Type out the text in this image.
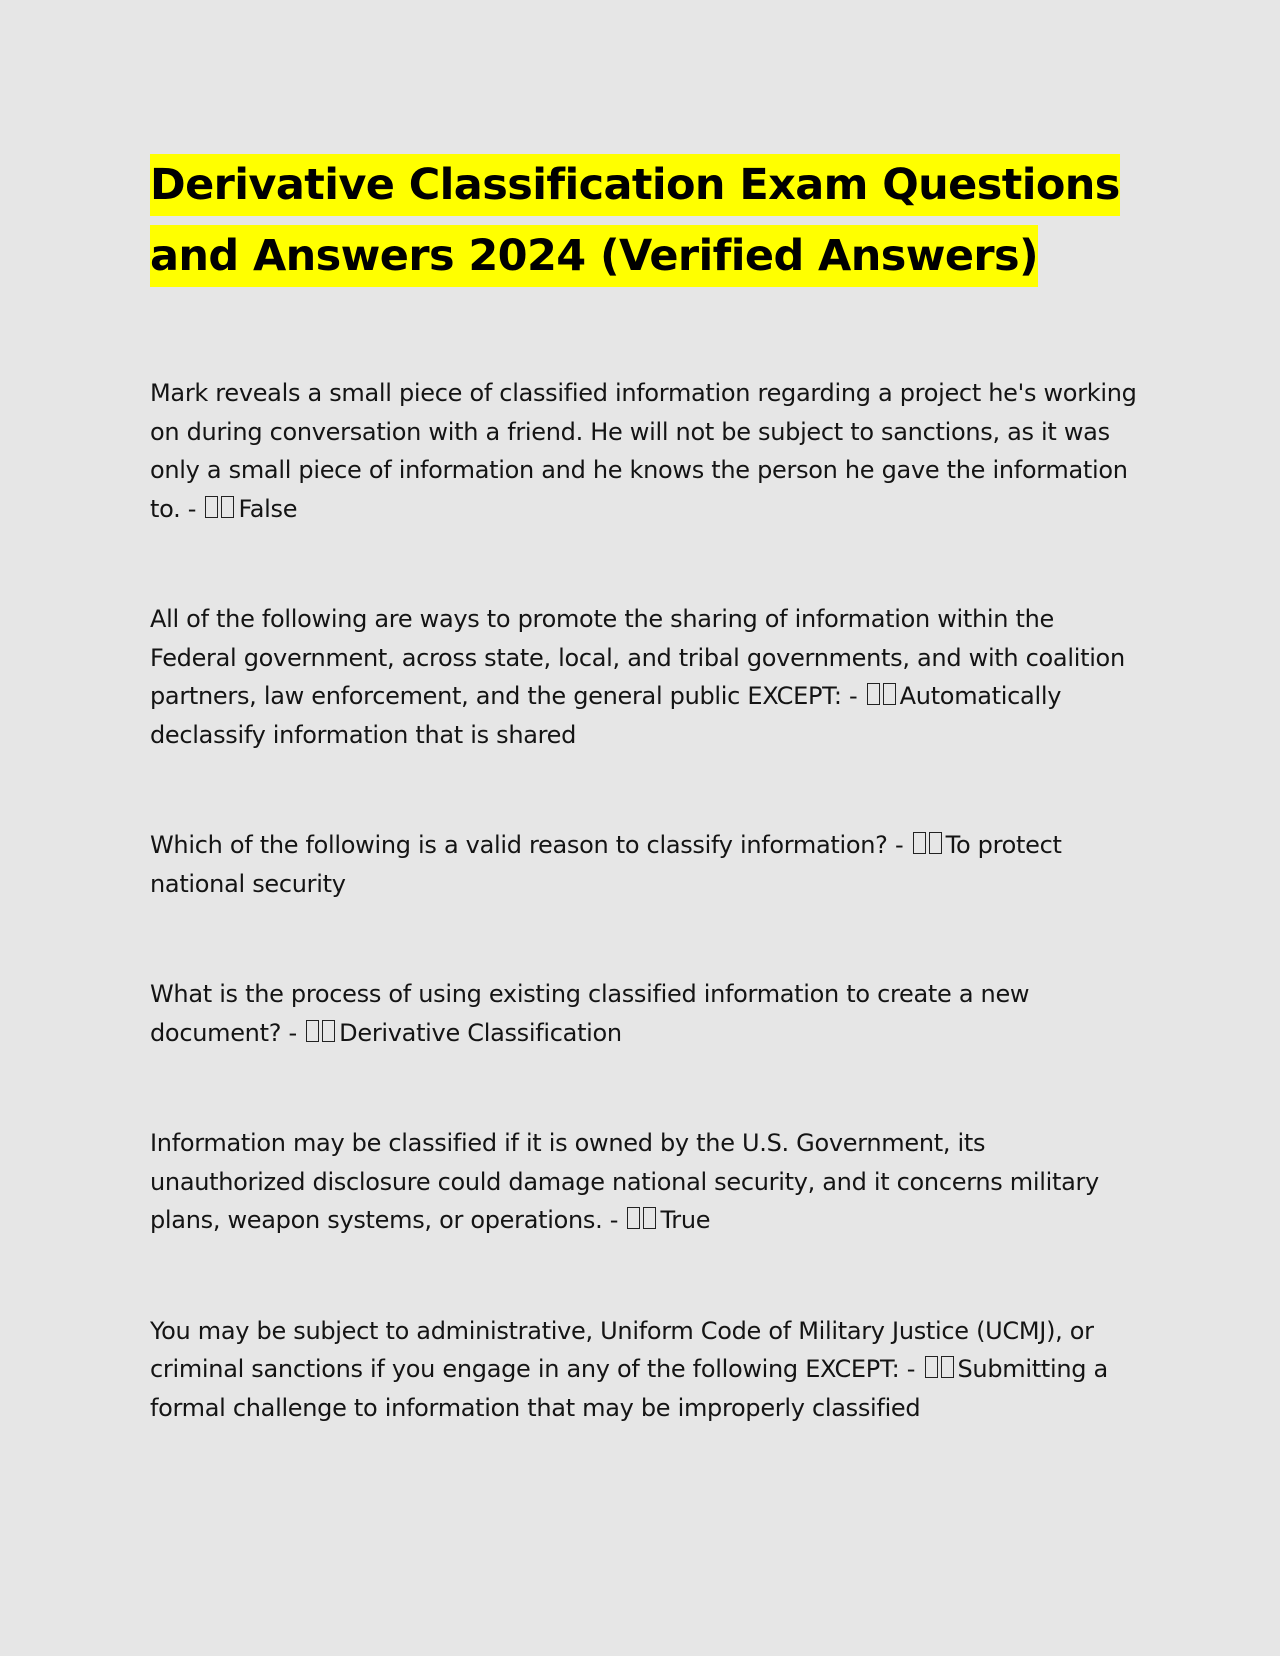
Derivative Classification Exam Questions and Answers 2024 (Verified Answers)

Mark reveals a small piece of classified information regarding a project he's working on during conversation with a friend. He will not be subject to sanctions, as it was only a small piece of information and he knows the person he gave the information to. - False

All of the following are ways to promote the sharing of information within the Federal government, across state, local, and tribal governments, and with coalition partners, law enforcement, and the general public EXCEPT: - Automatically declassify information that is shared

Which of the following is a valid reason to classify information? - To protect national security

What is the process of using existing classified information to create a new document? - Derivative Classification

Information may be classified if it is owned by the U.S. Government, its unauthorized disclosure could damage national security, and it concerns military plans, weapon systems, or operations. - True

You may be subject to administrative, Uniform Code of Military Justice (UCMJ), or criminal sanctions if you engage in any of the following EXCEPT: - Submitting a formal challenge to information that may be improperly classified
